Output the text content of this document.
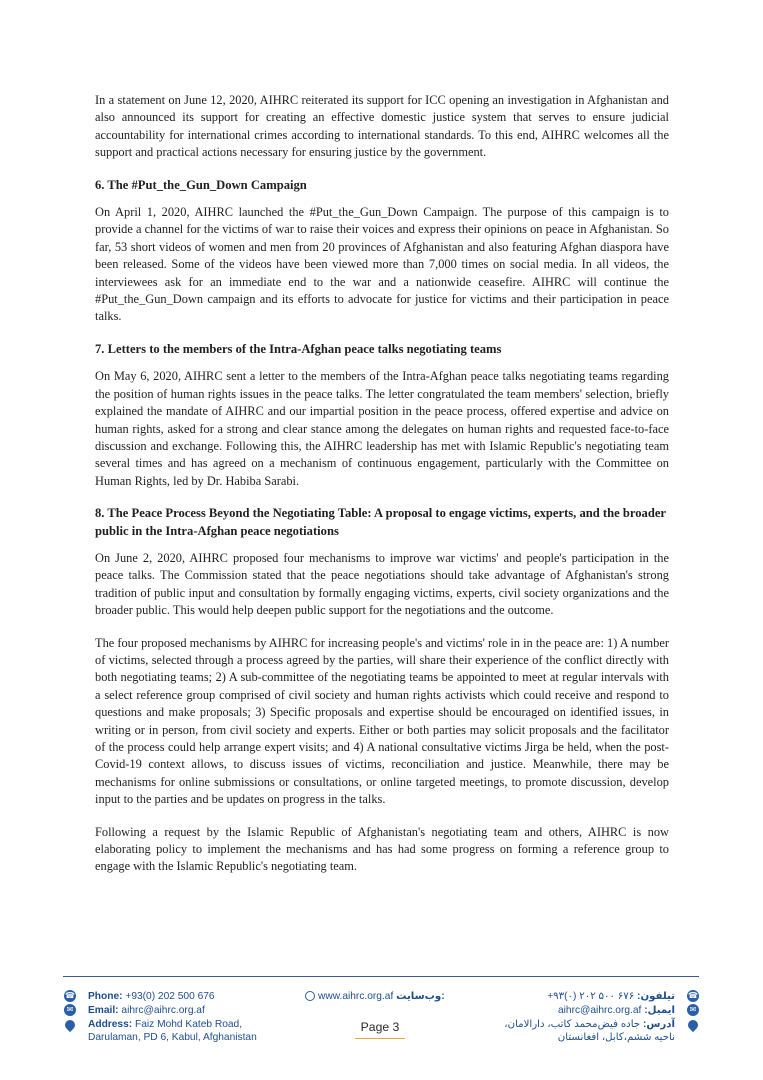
In a statement on June 12, 2020, AIHRC reiterated its support for ICC opening an investigation in Afghanistan and also announced its support for creating an effective domestic justice system that serves to ensure judicial accountability for international crimes according to international standards. To this end, AIHRC welcomes all the support and practical actions necessary for ensuring justice by the government.

6. The #Put_the_Gun_Down Campaign

On April 1, 2020, AIHRC launched the #Put_the_Gun_Down Campaign. The purpose of this campaign is to provide a channel for the victims of war to raise their voices and express their opinions on peace in Afghanistan. So far, 53 short videos of women and men from 20 provinces of Afghanistan and also featuring Afghan diaspora have been released. Some of the videos have been viewed more than 7,000 times on social media. In all videos, the interviewees ask for an immediate end to the war and a nationwide ceasefire. AIHRC will continue the #Put_the_Gun_Down campaign and its efforts to advocate for justice for victims and their participation in peace talks.

7. Letters to the members of the Intra-Afghan peace talks negotiating teams

On May 6, 2020, AIHRC sent a letter to the members of the Intra-Afghan peace talks negotiating teams regarding the position of human rights issues in the peace talks. The letter congratulated the team members' selection, briefly explained the mandate of AIHRC and our impartial position in the peace process, offered expertise and advice on human rights, asked for a strong and clear stance among the delegates on human rights and requested face-to-face discussion and exchange. Following this, the AIHRC leadership has met with Islamic Republic's negotiating team several times and has agreed on a mechanism of continuous engagement, particularly with the Committee on Human Rights, led by Dr. Habiba Sarabi.

8. The Peace Process Beyond the Negotiating Table: A proposal to engage victims, experts, and the broader public in the Intra-Afghan peace negotiations

On June 2, 2020, AIHRC proposed four mechanisms to improve war victims' and people's participation in the peace talks. The Commission stated that the peace negotiations should take advantage of Afghanistan's strong tradition of public input and consultation by formally engaging victims, experts, civil society organizations and the broader public. This would help deepen public support for the negotiations and the outcome.

The four proposed mechanisms by AIHRC for increasing people's and victims' role in in the peace are: 1) A number of victims, selected through a process agreed by the parties, will share their experience of the conflict directly with both negotiating teams; 2) A sub-committee of the negotiating teams be appointed to meet at regular intervals with a select reference group comprised of civil society and human rights activists which could receive and respond to questions and make proposals; 3) Specific proposals and expertise should be encouraged on identified issues, in writing or in person, from civil society and experts. Either or both parties may solicit proposals and the facilitator of the process could help arrange expert visits; and 4) A national consultative victims Jirga be held, when the post-Covid-19 context allows, to discuss issues of victims, reconciliation and justice. Meanwhile, there may be mechanisms for online submissions or consultations, or online targeted meetings, to promote discussion, develop input to the parties and be updates on progress in the talks.

Following a request by the Islamic Republic of Afghanistan's negotiating team and others, AIHRC is now elaborating policy to implement the mechanisms and has had some progress on forming a reference group to engage with the Islamic Republic's negotiating team.

☎ Phone: +93(0) 202 500 676
✉ Email: aihrc@aihrc.org.af
Address: Faiz Mohd Kateb Road,
Darulaman, PD 6, Kabul, Afghanistan
www.aihrc.org.af وب‌سایت:
Page 3
☎
تیلفون: ۶۷۶ ۵۰۰ ۲۰۲ (۰)۹۳+
✉
ایمیل: aihrc@aihrc.org.af
آدرس: جاده فیض‌محمد کاتب، دارالامان،
ناحیه ششم،کابل، افغانستان
